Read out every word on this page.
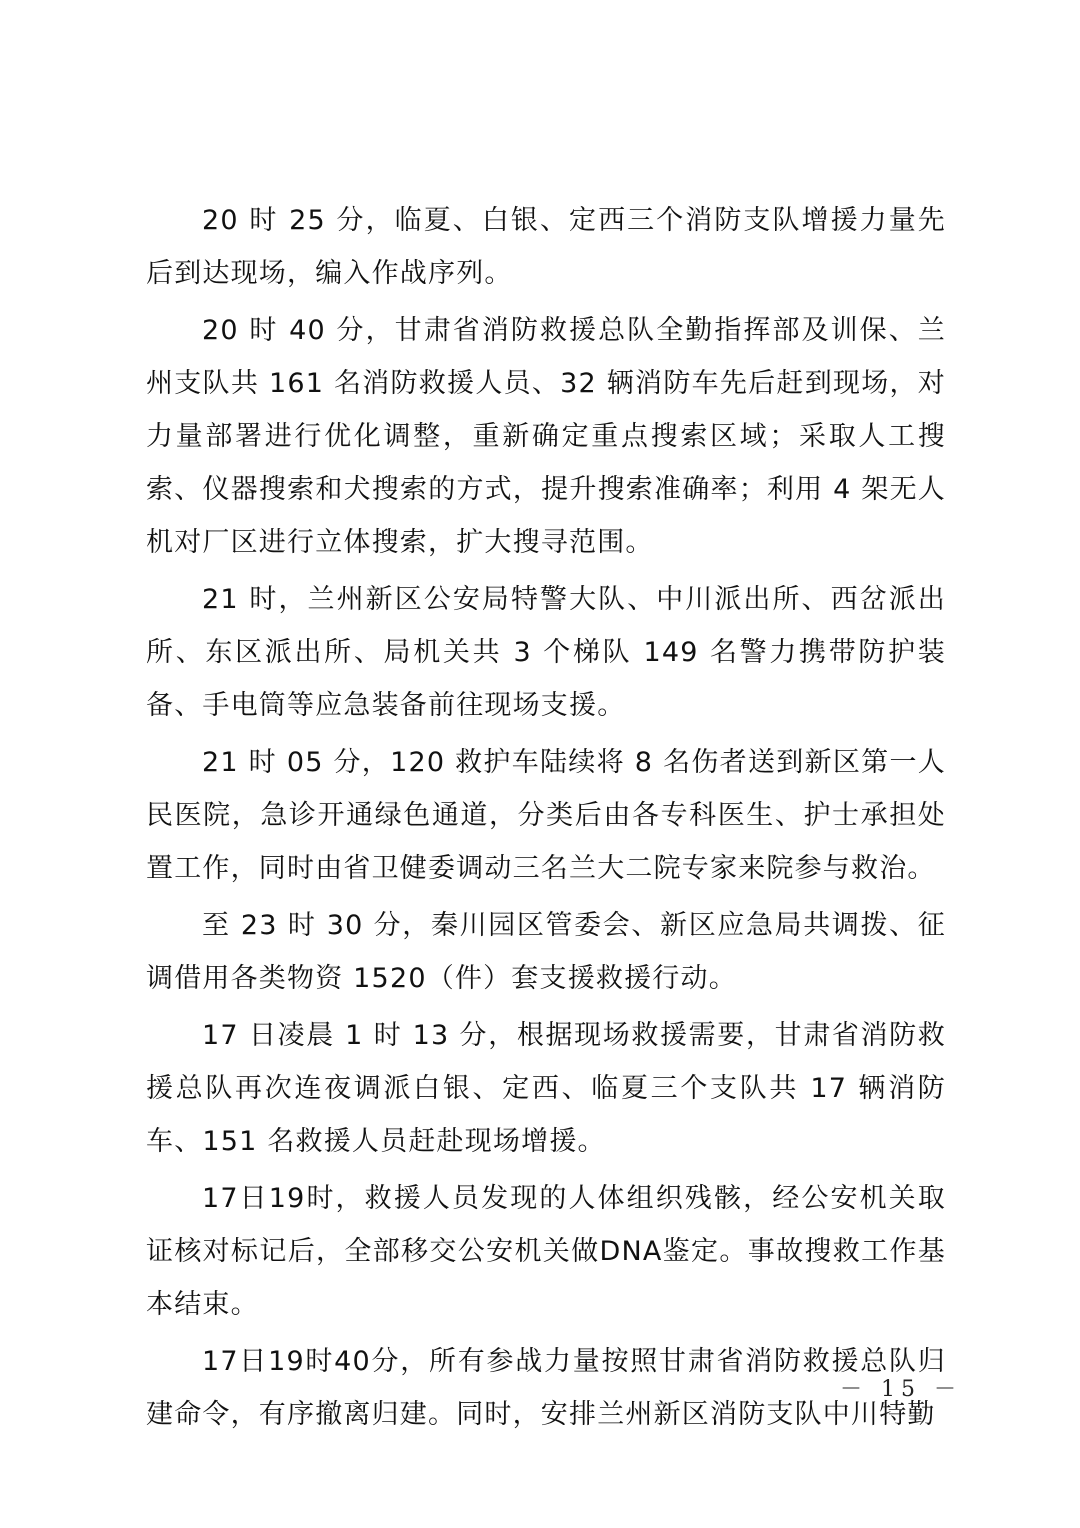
20 时 25 分，临夏、白银、定西三个消防支队增援力量先后到达现场，编入作战序列。

20 时 40 分，甘肃省消防救援总队全勤指挥部及训保、兰州支队共 161 名消防救援人员、32 辆消防车先后赶到现场，对力量部署进行优化调整，重新确定重点搜索区域；采取人工搜索、仪器搜索和犬搜索的方式，提升搜索准确率；利用 4 架无人机对厂区进行立体搜索，扩大搜寻范围。

21 时，兰州新区公安局特警大队、中川派出所、西岔派出所、东区派出所、局机关共 3 个梯队 149 名警力携带防护装备、手电筒等应急装备前往现场支援。

21 时 05 分，120 救护车陆续将 8 名伤者送到新区第一人民医院，急诊开通绿色通道，分类后由各专科医生、护士承担处置工作，同时由省卫健委调动三名兰大二院专家来院参与救治。

至 23 时 30 分，秦川园区管委会、新区应急局共调拨、征调借用各类物资 1520（件）套支援救援行动。

17 日凌晨 1 时 13 分，根据现场救援需要，甘肃省消防救援总队再次连夜调派白银、定西、临夏三个支队共 17 辆消防车、151 名救援人员赶赴现场增援。

17日19时，救援人员发现的人体组织残骸，经公安机关取证核对标记后，全部移交公安机关做DNA鉴定。事故搜救工作基本结束。

17日19时40分，所有参战力量按照甘肃省消防救援总队归建命令，有序撤离归建。同时，安排兰州新区消防支队中川特勤

－ 15 －
